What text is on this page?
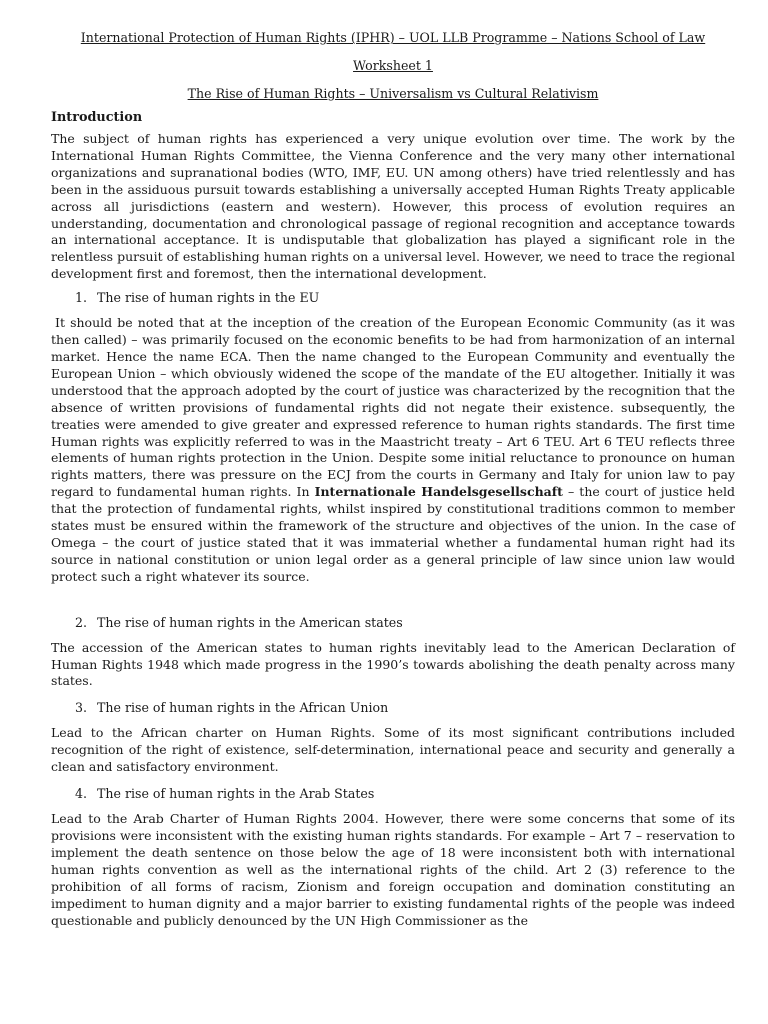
International Protection of Human Rights (IPHR) – UOL LLB Programme – Nations School of Law

Worksheet 1

The Rise of Human Rights – Universalism vs Cultural Relativism

Introduction

The subject of human rights has experienced a very unique evolution over time. The work by the International Human Rights Committee, the Vienna Conference and the very many other international organizations and supranational bodies (WTO, IMF, EU. UN among others) have tried relentlessly and has been in the assiduous pursuit towards establishing a universally accepted Human Rights Treaty applicable across all jurisdictions (eastern and western). However, this process of evolution requires an understanding, documentation and chronological passage of regional recognition and acceptance towards an international acceptance. It is undisputable that globalization has played a significant role in the relentless pursuit of establishing human rights on a universal level. However, we need to trace the regional development first and foremost, then the international development.

1. The rise of human rights in the EU

It should be noted that at the inception of the creation of the European Economic Community (as it was then called) – was primarily focused on the economic benefits to be had from harmonization of an internal market. Hence the name ECA. Then the name changed to the European Community and eventually the European Union – which obviously widened the scope of the mandate of the EU altogether. Initially it was understood that the approach adopted by the court of justice was characterized by the recognition that the absence of written provisions of fundamental rights did not negate their existence. subsequently, the treaties were amended to give greater and expressed reference to human rights standards. The first time Human rights was explicitly referred to was in the Maastricht treaty – Art 6 TEU. Art 6 TEU reflects three elements of human rights protection in the Union. Despite some initial reluctance to pronounce on human rights matters, there was pressure on the ECJ from the courts in Germany and Italy for union law to pay regard to fundamental human rights. In Internationale Handelsgesellschaft – the court of justice held that the protection of fundamental rights, whilst inspired by constitutional traditions common to member states must be ensured within the framework of the structure and objectives of the union. In the case of Omega – the court of justice stated that it was immaterial whether a fundamental human right had its source in national constitution or union legal order as a general principle of law since union law would protect such a right whatever its source.

2. The rise of human rights in the American states

The accession of the American states to human rights inevitably lead to the American Declaration of Human Rights 1948 which made progress in the 1990’s towards abolishing the death penalty across many states.

3. The rise of human rights in the African Union

Lead to the African charter on Human Rights. Some of its most significant contributions included recognition of the right of existence, self-determination, international peace and security and generally a clean and satisfactory environment.

4. The rise of human rights in the Arab States

Lead to the Arab Charter of Human Rights 2004. However, there were some concerns that some of its provisions were inconsistent with the existing human rights standards. For example – Art 7 – reservation to implement the death sentence on those below the age of 18 were inconsistent both with international human rights convention as well as the international rights of the child. Art 2 (3) reference to the prohibition of all forms of racism, Zionism and foreign occupation and domination constituting an impediment to human dignity and a major barrier to existing fundamental rights of the people was indeed questionable and publicly denounced by the UN High Commissioner as the
